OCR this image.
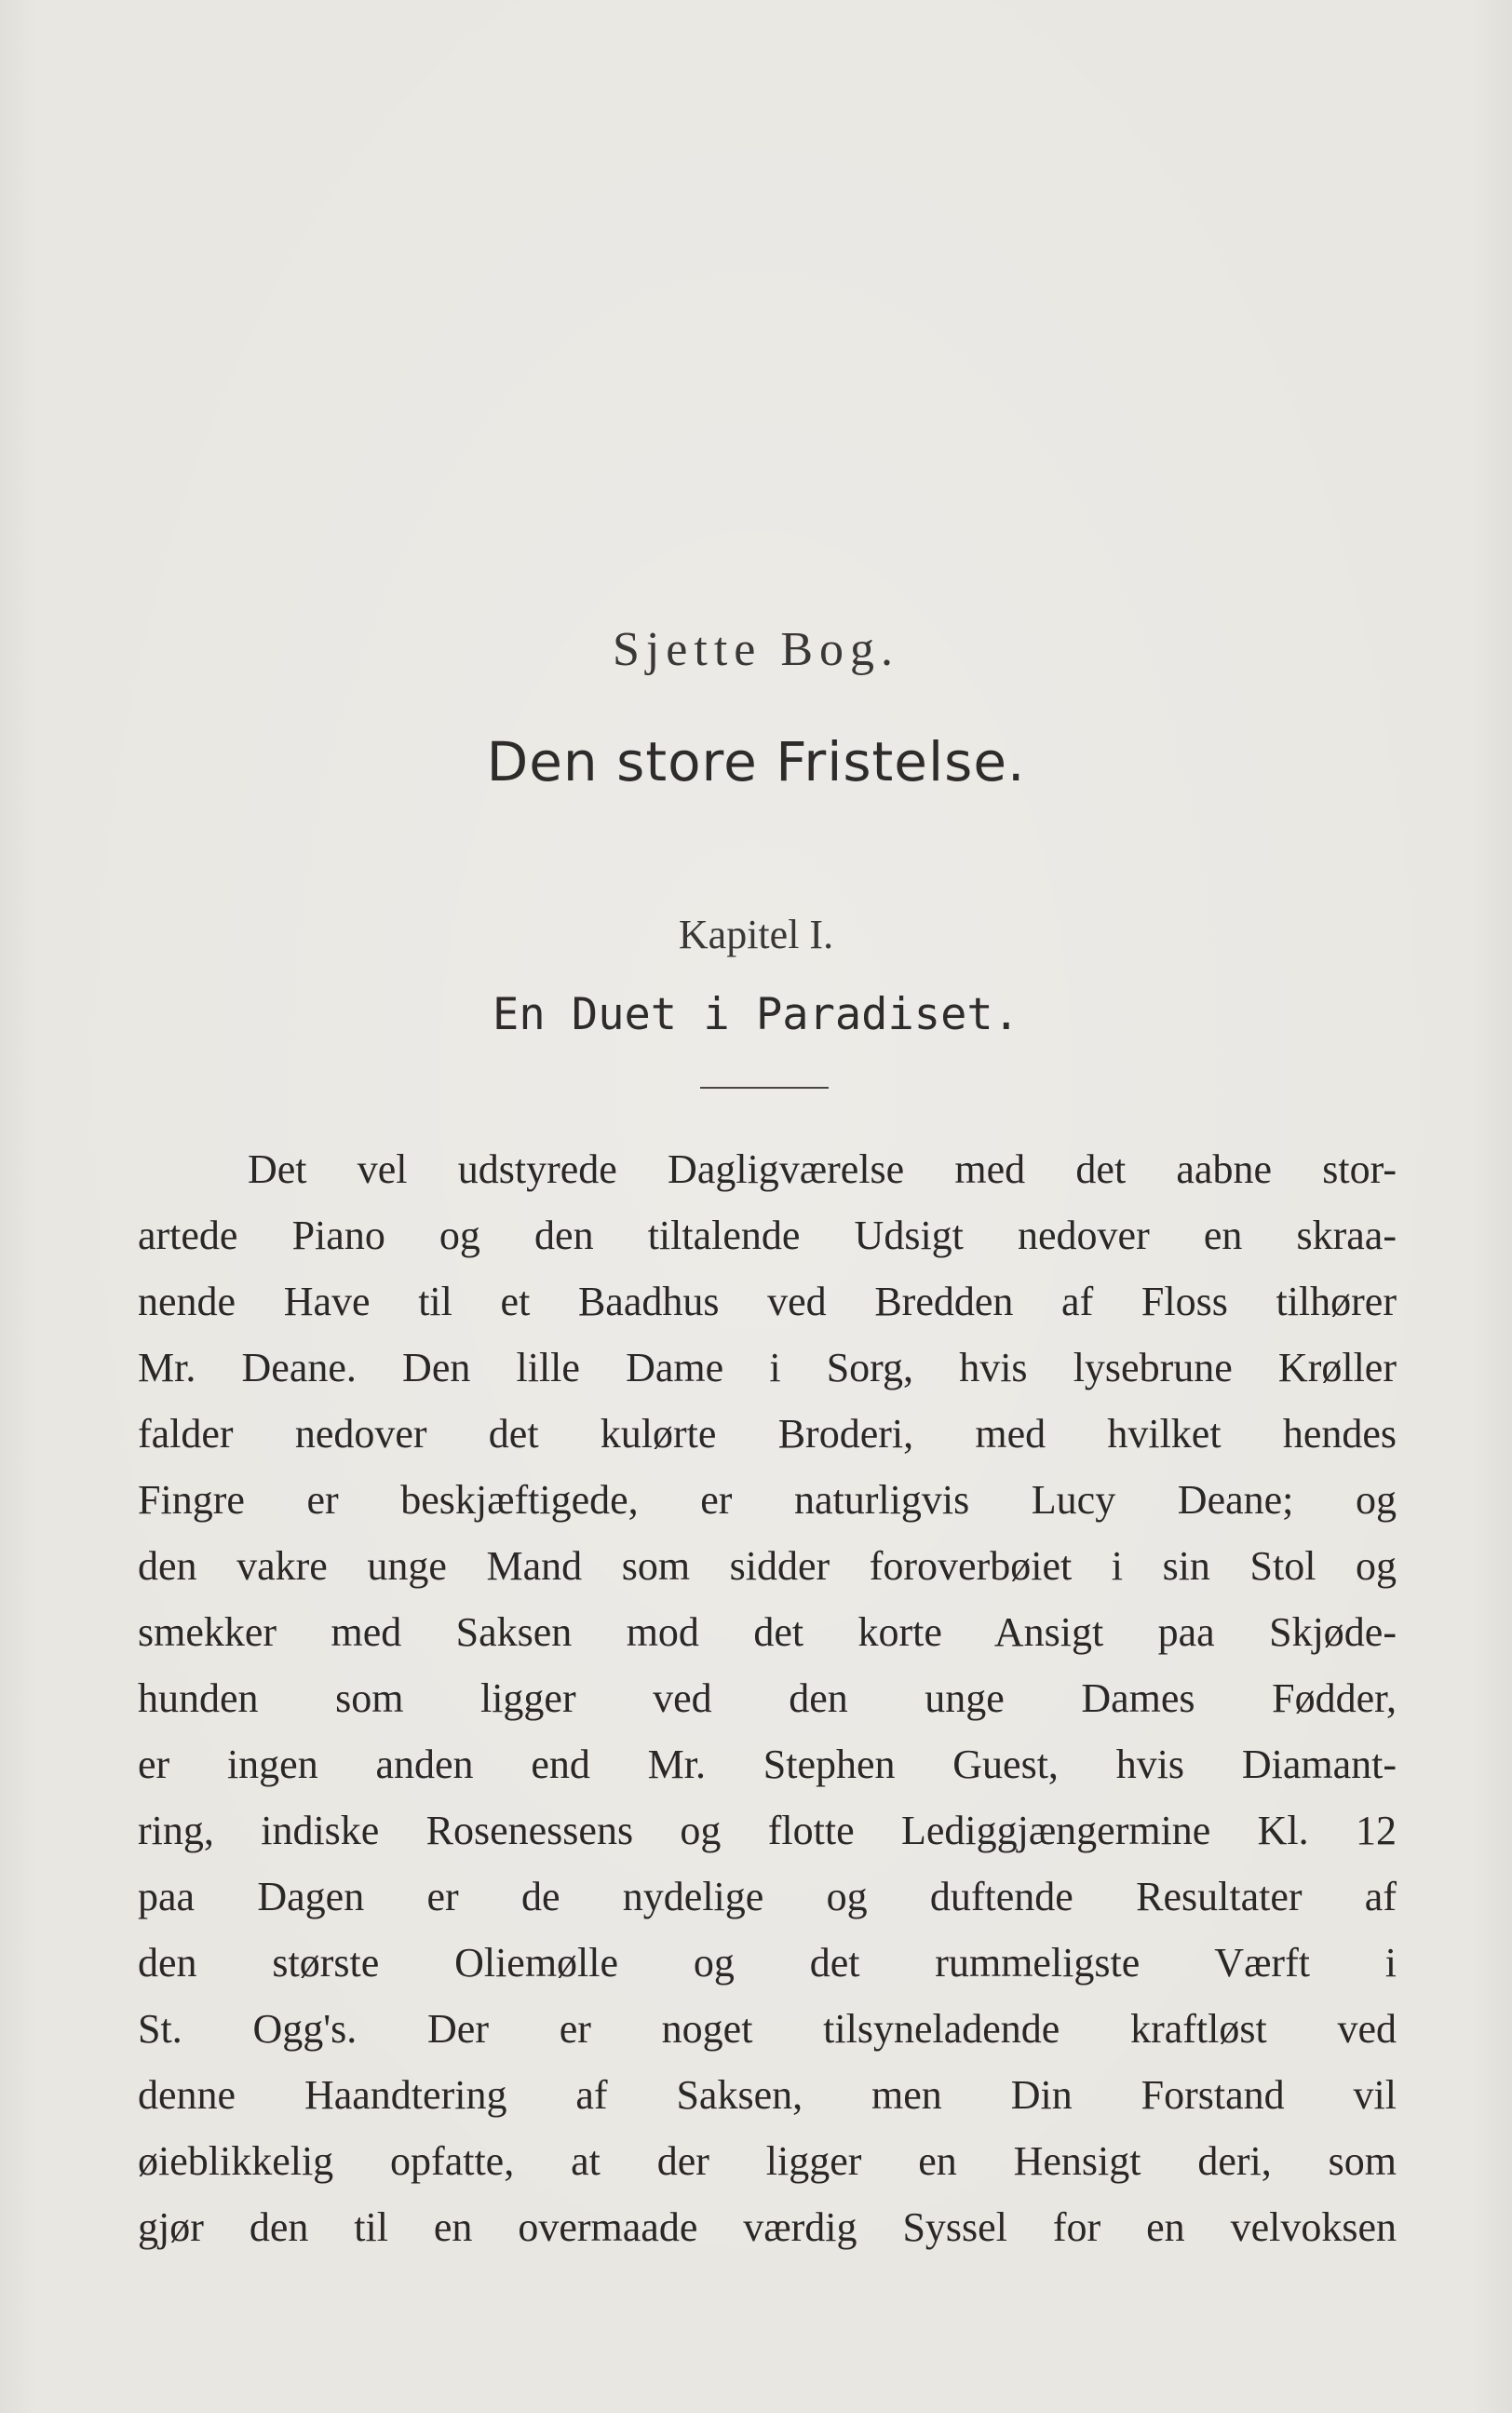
Sjette Bog.
Den store Fristelse.
Kapitel I.
En Duet i Paradiset.
Det vel udstyrede Dagligværelse med det aabne stor-
artede Piano og den tiltalende Udsigt nedover en skraa-
nende Have til et Baadhus ved Bredden af Floss tilhører
Mr. Deane. Den lille Dame i Sorg, hvis lysebrune Krøller
falder nedover det kulørte Broderi, med hvilket hendes
Fingre er beskjæftigede, er naturligvis Lucy Deane; og
den vakre unge Mand som sidder foroverbøiet i sin Stol og
smekker med Saksen mod det korte Ansigt paa Skjøde-
hunden som ligger ved den unge Dames Fødder,
er ingen anden end Mr. Stephen Guest, hvis Diamant-
ring, indiske Rosenessens og flotte Lediggjængermine Kl. 12
paa Dagen er de nydelige og duftende Resultater af
den største Oliemølle og det rummeligste Værft i
St. Ogg's. Der er noget tilsyneladende kraftløst ved
denne Haandtering af Saksen, men Din Forstand vil
øieblikkelig opfatte, at der ligger en Hensigt deri, som
gjør den til en overmaade værdig Syssel for en velvoksen
